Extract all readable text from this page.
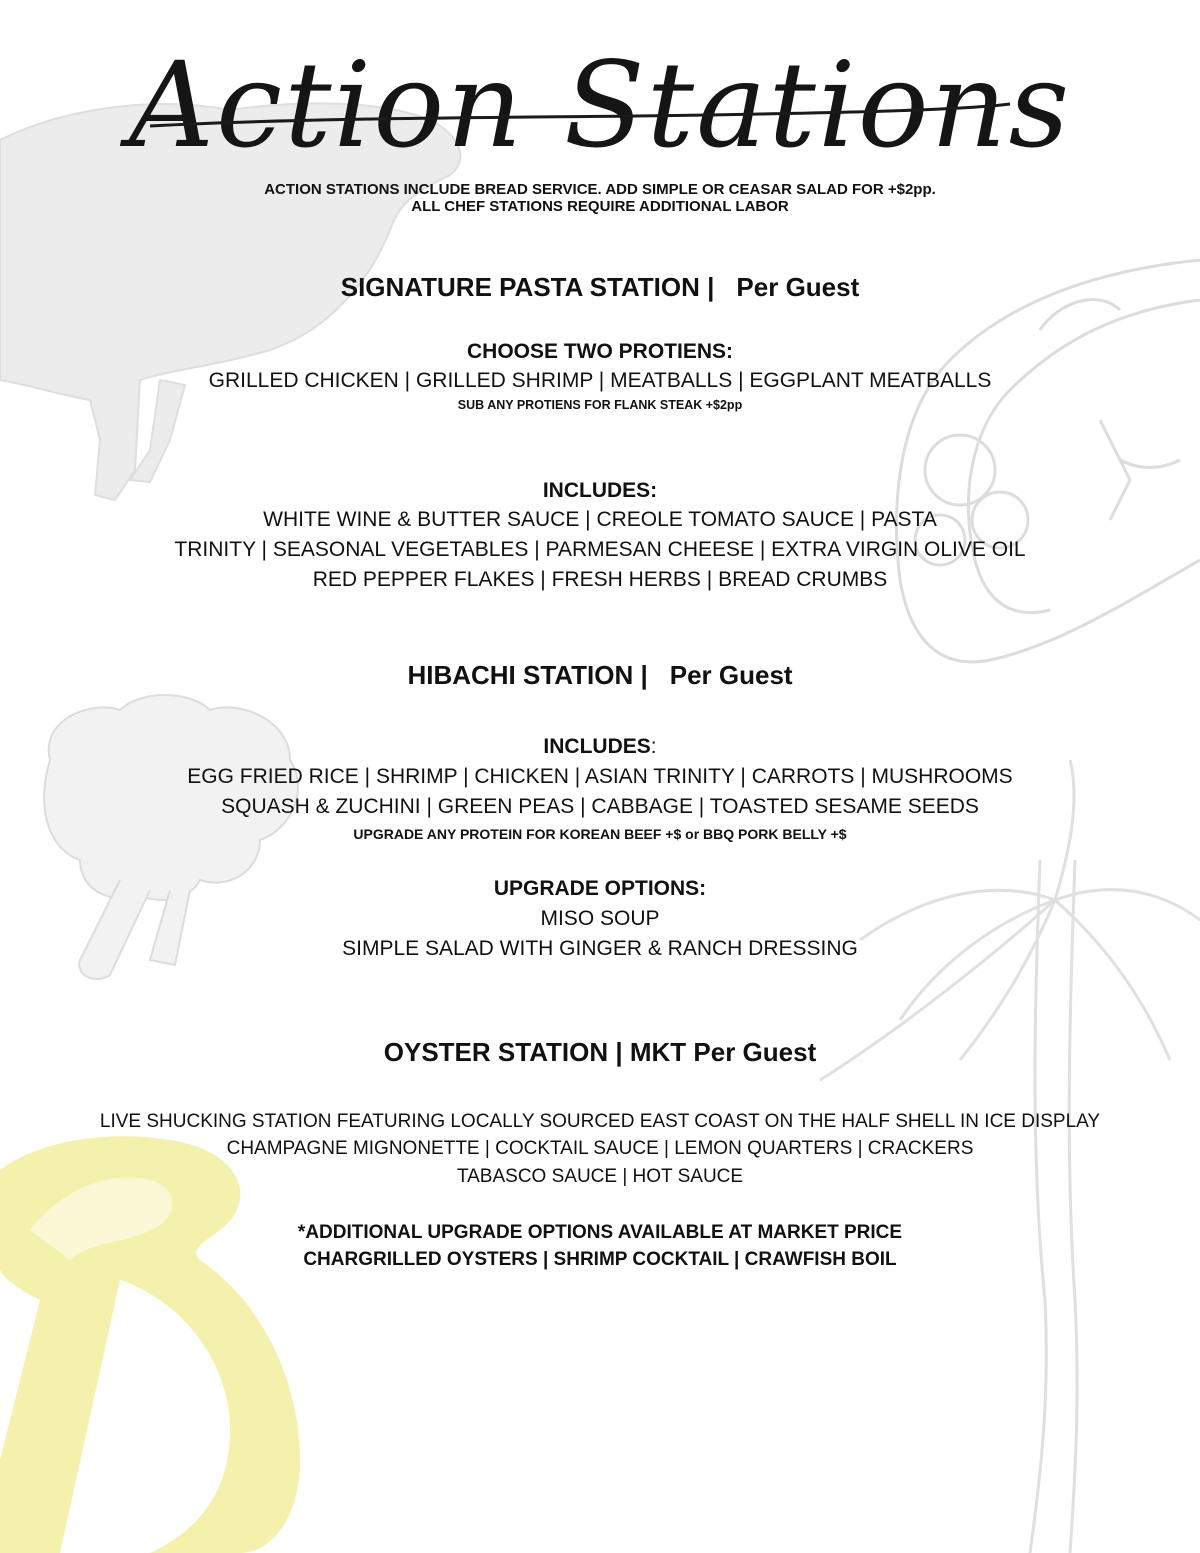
Action Stations
ACTION STATIONS INCLUDE BREAD SERVICE. ADD SIMPLE OR CEASAR SALAD FOR +$2pp.
ALL CHEF STATIONS REQUIRE ADDITIONAL LABOR
SIGNATURE PASTA STATION | Per Guest
CHOOSE TWO PROTIENS:
GRILLED CHICKEN | GRILLED SHRIMP | MEATBALLS | EGGPLANT MEATBALLS
SUB ANY PROTIENS FOR FLANK STEAK +$2pp
INCLUDES:
WHITE WINE & BUTTER SAUCE | CREOLE TOMATO SAUCE | PASTA
TRINITY | SEASONAL VEGETABLES | PARMESAN CHEESE | EXTRA VIRGIN OLIVE OIL
RED PEPPER FLAKES | FRESH HERBS | BREAD CRUMBS
HIBACHI STATION | Per Guest
INCLUDES:
EGG FRIED RICE | SHRIMP | CHICKEN | ASIAN TRINITY | CARROTS | MUSHROOMS
SQUASH & ZUCHINI | GREEN PEAS | CABBAGE | TOASTED SESAME SEEDS
UPGRADE ANY PROTEIN FOR KOREAN BEEF +$ or BBQ PORK BELLY +$
UPGRADE OPTIONS:
MISO SOUP
SIMPLE SALAD WITH GINGER & RANCH DRESSING
OYSTER STATION | MKT Per Guest
LIVE SHUCKING STATION FEATURING LOCALLY SOURCED EAST COAST ON THE HALF SHELL IN ICE DISPLAY
CHAMPAGNE MIGNONETTE | COCKTAIL SAUCE | LEMON QUARTERS | CRACKERS
TABASCO SAUCE | HOT SAUCE
*ADDITIONAL UPGRADE OPTIONS AVAILABLE AT MARKET PRICE
CHARGRILLED OYSTERS | SHRIMP COCKTAIL | CRAWFISH BOIL
